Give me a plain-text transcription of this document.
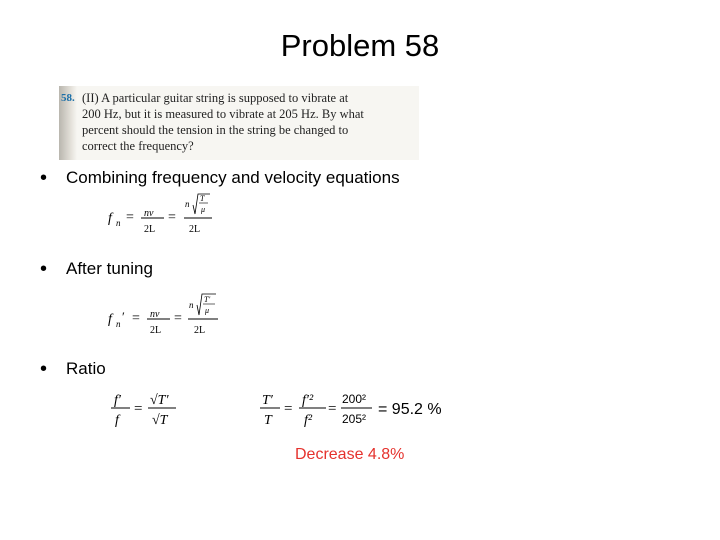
Problem 58
58. (II) A particular guitar string is supposed to vibrate at
200 Hz, but it is measured to vibrate at 205 Hz. By what
percent should the tension in the string be changed to
correct the frequency?
• Combining frequency and velocity equations
f n = nv
2L
=
n
T
μ
2L
• After tuning
f n ′ = nv
2L
=
n
T′
μ
2L
• Ratio
f′
f
=
√T′
√T
T′
T
=
f′²
f²
=
200²
205²
= 95.2 %
Decrease 4.8%
